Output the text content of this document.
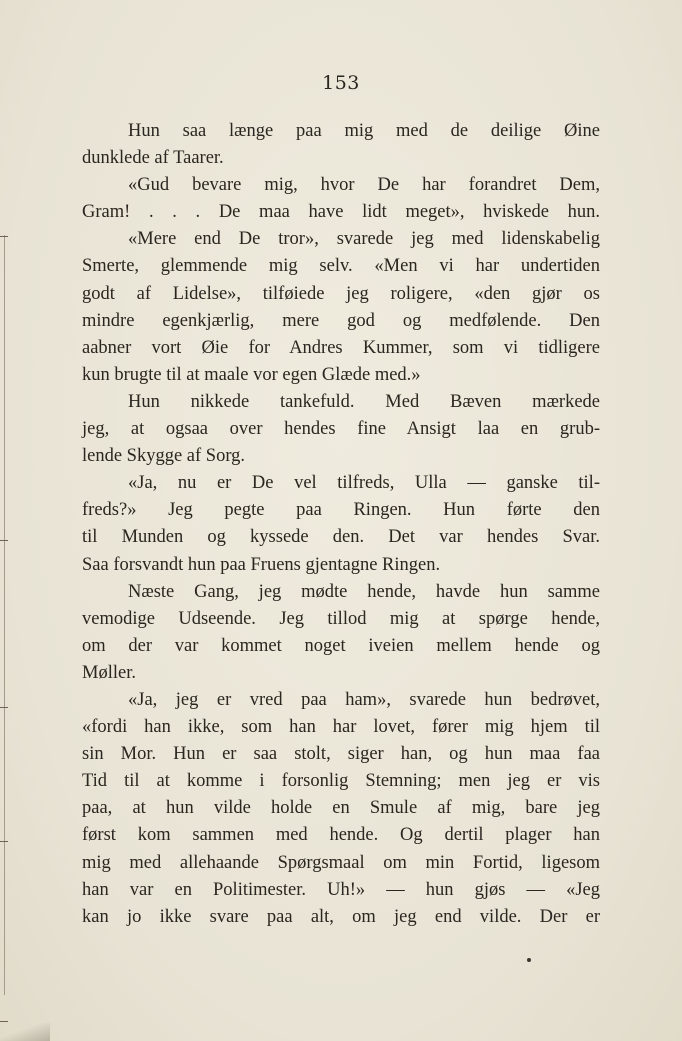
153
Hun saa længe paa mig med de deilige Øine
dunklede af Taarer.
«Gud bevare mig, hvor De har forandret Dem,
Gram! . . . De maa have lidt meget», hviskede hun.
«Mere end De tror», svarede jeg med lidenskabelig
Smerte, glemmende mig selv. «Men vi har undertiden
godt af Lidelse», tilføiede jeg roligere, «den gjør os
mindre egenkjærlig, mere god og medfølende. Den
aabner vort Øie for Andres Kummer, som vi tidligere
kun brugte til at maale vor egen Glæde med.»
Hun nikkede tankefuld. Med Bæven mærkede
jeg, at ogsaa over hendes fine Ansigt laa en grub-
lende Skygge af Sorg.
«Ja, nu er De vel tilfreds, Ulla — ganske til-
freds?» Jeg pegte paa Ringen. Hun førte den
til Munden og kyssede den. Det var hendes Svar.
Saa forsvandt hun paa Fruens gjentagne Ringen.
Næste Gang, jeg mødte hende, havde hun samme
vemodige Udseende. Jeg tillod mig at spørge hende,
om der var kommet noget iveien mellem hende og
Møller.
«Ja, jeg er vred paa ham», svarede hun bedrøvet,
«fordi han ikke, som han har lovet, fører mig hjem til
sin Mor. Hun er saa stolt, siger han, og hun maa faa
Tid til at komme i forsonlig Stemning; men jeg er vis
paa, at hun vilde holde en Smule af mig, bare jeg
først kom sammen med hende. Og dertil plager han
mig med allehaande Spørgsmaal om min Fortid, ligesom
han var en Politimester. Uh!» — hun gjøs — «Jeg
kan jo ikke svare paa alt, om jeg end vilde. Der er
